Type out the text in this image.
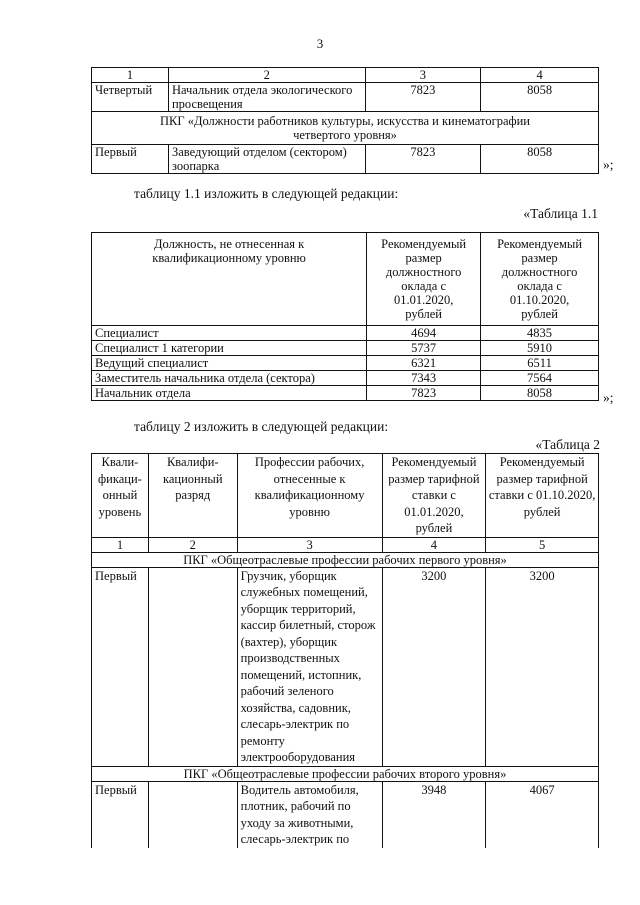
3
1	2	3	4
Четвертый	Начальник отдела экологического просвещения	7823	8058
ПКГ «Должности работников культуры, искусства и кинематографии четвертого уровня»			
Первый	Заведующий отделом (сектором) зоопарка	7823	8058
»;
таблицу 1.1 изложить в следующей редакции:
«Таблица 1.1
Должность, не отнесенная к квалификационному уровню	Рекомендуемый размер должностного оклада с 01.01.2020, рублей	Рекомендуемый размер должностного оклада с 01.10.2020, рублей
Специалист	4694	4835
Специалист 1 категории	5737	5910
Ведущий специалист	6321	6511
Заместитель начальника отдела (сектора)	7343	7564
Начальник отдела	7823	8058	»;
таблицу 2 изложить в следующей редакции:
«Таблица 2
Квали- фикаци- онный уровень	Квалифи- кационный разряд	Профессии рабочих, отнесенные к квалификационному уровню	Рекомендуемый размер тарифной ставки с 01.01.2020, рублей	Рекомендуемый размер тарифной ставки с 01.10.2020, рублей
1	2	3	4	5
ПКГ «Общеотраслевые профессии рабочих первого уровня»				
Первый		Грузчик, уборщик служебных помещений, уборщик территорий, кассир билетный, сторож (вахтер), уборщик производственных помещений, истопник, рабочий зеленого хозяйства, садовник, слесарь-электрик по ремонту электрооборудования	3200	3200
ПКГ «Общеотраслевые профессии рабочих второго уровня»				
Первый		Водитель автомобиля, плотник, рабочий по уходу за животными, слесарь-электрик по	3948	4067
